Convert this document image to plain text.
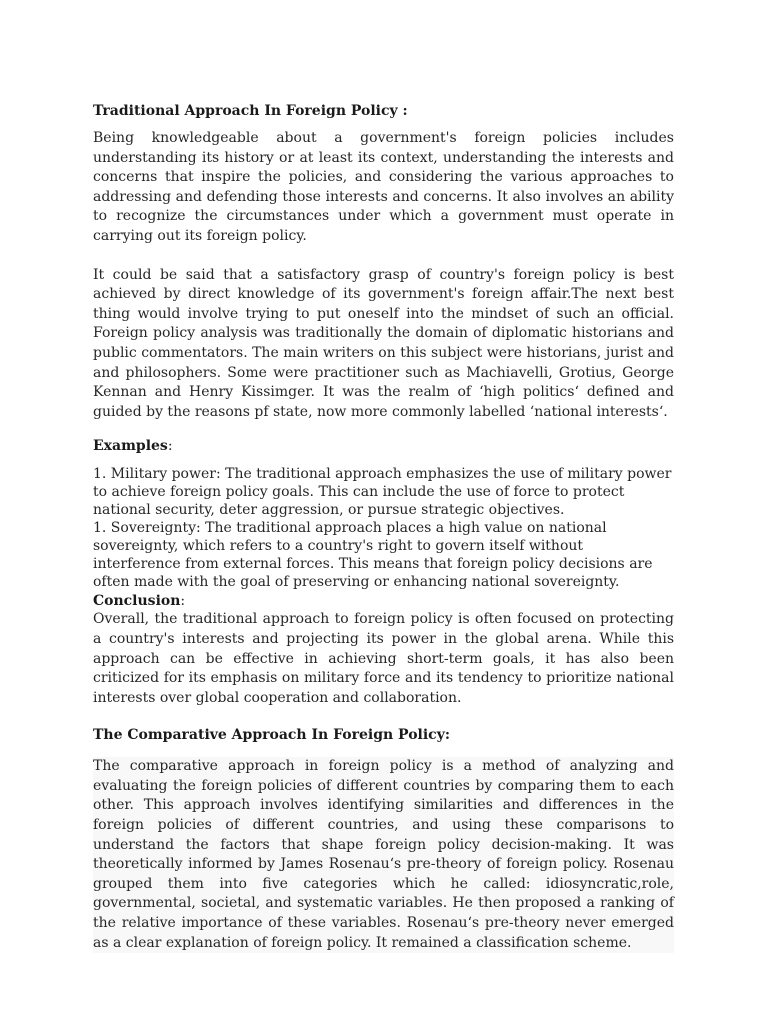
Traditional Approach In Foreign Policy :

Being knowledgeable about a government's foreign policies includes understanding its history or at least its context, understanding the interests and concerns that inspire the policies, and considering the various approaches to addressing and defending those interests and concerns. It also involves an ability to recognize the circumstances under which a government must operate in carrying out its foreign policy.

It could be said that a satisfactory grasp of country's foreign policy is best achieved by direct knowledge of its government's foreign affair.The next best thing would involve trying to put oneself into the mindset of such an official. Foreign policy analysis was traditionally the domain of diplomatic historians and public commentators. The main writers on this subject were historians, jurist and and philosophers. Some were practitioner such as Machiavelli, Grotius, George Kennan and Henry Kissimger. It was the realm of ‘high politics‘ defined and guided by the reasons pf state, now more commonly labelled ‘national interests‘.

Examples:

1. Military power: The traditional approach emphasizes the use of military power to achieve foreign policy goals. This can include the use of force to protect national security, deter aggression, or pursue strategic objectives.

1. Sovereignty: The traditional approach places a high value on national sovereignty, which refers to a country's right to govern itself without interference from external forces. This means that foreign policy decisions are often made with the goal of preserving or enhancing national sovereignty.

Conclusion:

Overall, the traditional approach to foreign policy is often focused on protecting a country's interests and projecting its power in the global arena. While this approach can be effective in achieving short-term goals, it has also been criticized for its emphasis on military force and its tendency to prioritize national interests over global cooperation and collaboration.

The Comparative Approach In Foreign Policy:

The comparative approach in foreign policy is a method of analyzing and evaluating the foreign policies of different countries by comparing them to each other. This approach involves identifying similarities and differences in the foreign policies of different countries, and using these comparisons to understand the factors that shape foreign policy decision-making. It was theoretically informed by James Rosenau‘s pre-theory of foreign policy. Rosenau grouped them into five categories which he called: idiosyncratic,role, governmental, societal, and systematic variables. He then proposed a ranking of the relative importance of these variables. Rosenau‘s pre-theory never emerged as a clear explanation of foreign policy. It remained a classification scheme.
